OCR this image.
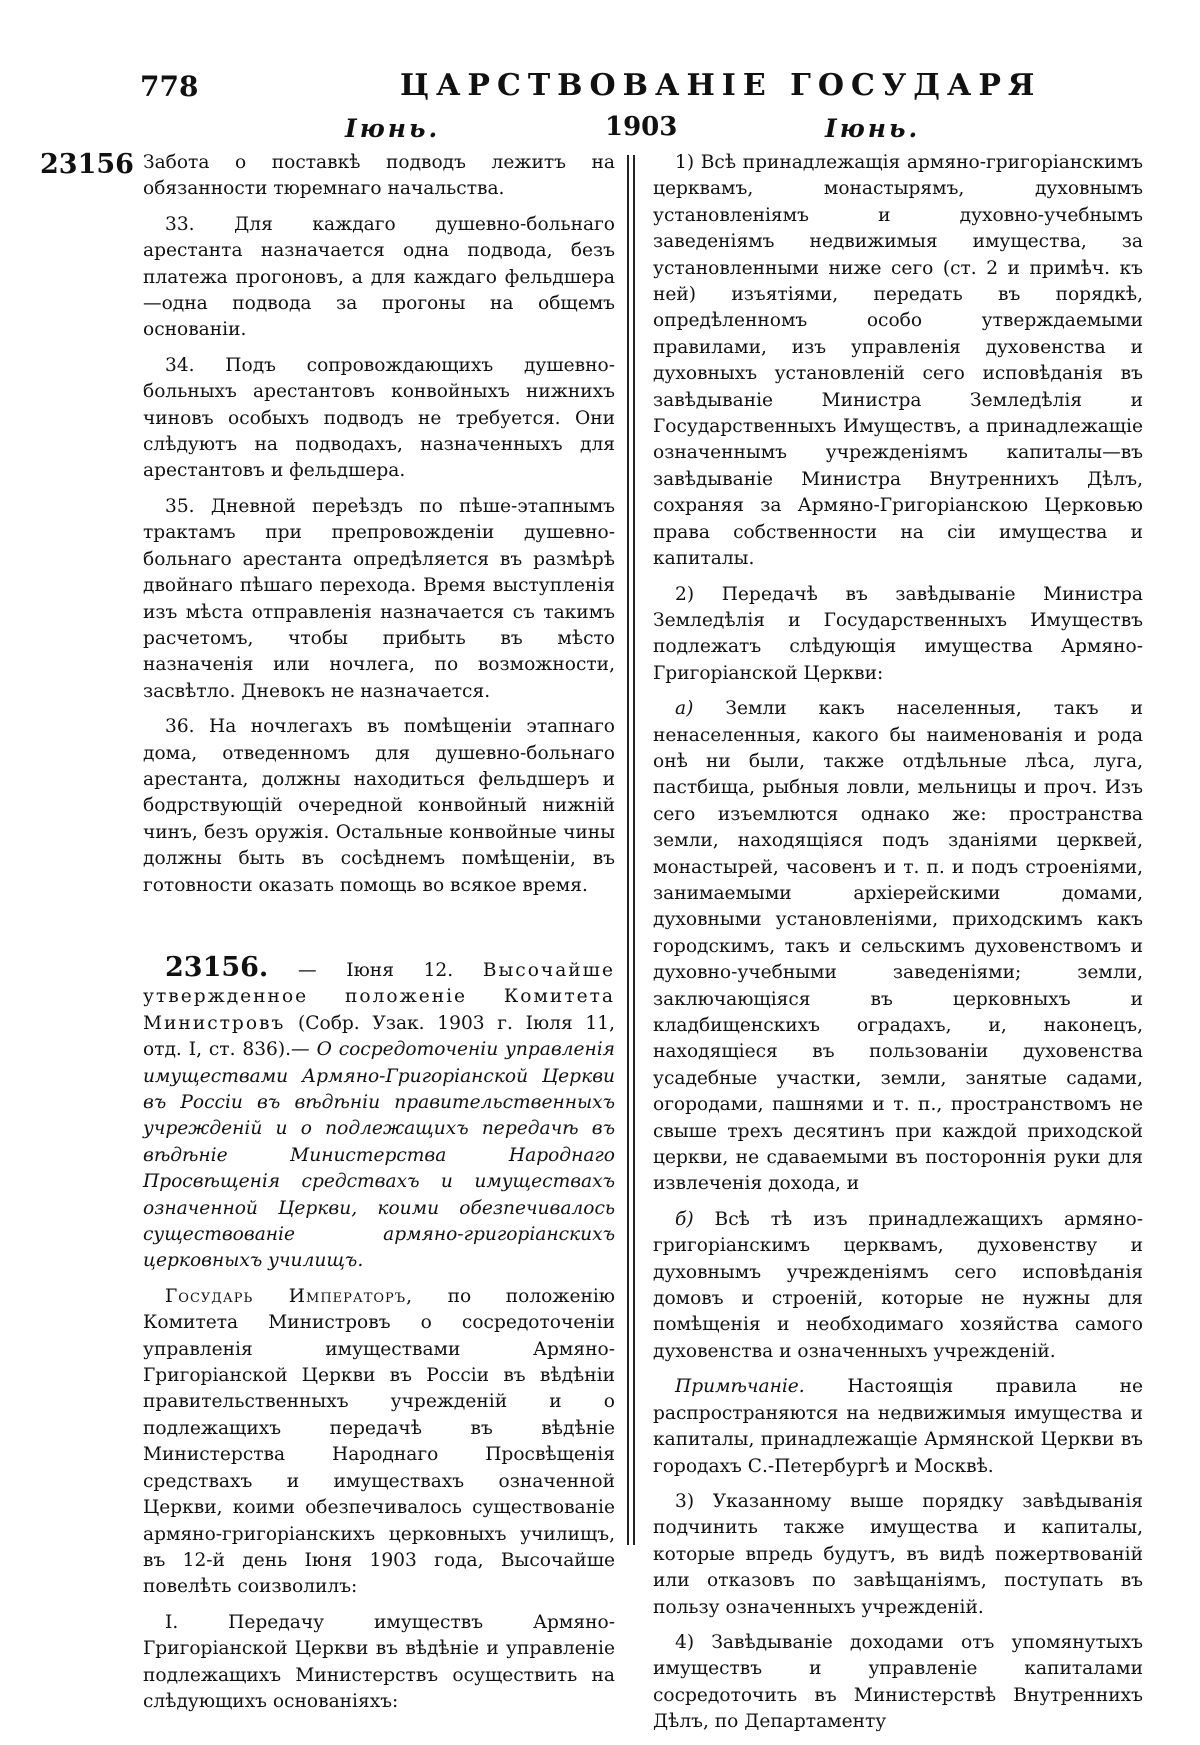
778	ЦАРСТВОВАНІЕ ГОСУДАРЯ
Іюнь.	1903	Іюнь.
23156 Забота о поставкѣ подводъ лежитъ на обязанности тюремнаго начальства.

33. Для каждаго душевно-больнаго арестанта назначается одна подвода, безъ платежа прогоновъ, а для каждаго фельдшера—одна подвода за прогоны на общемъ основаніи.

34. Подъ сопровождающихъ душевно-больныхъ арестантовъ конвойныхъ нижнихъ чиновъ особыхъ подводъ не требуется. Они слѣдуютъ на подводахъ, назначенныхъ для арестантовъ и фельдшера.

35. Дневной переѣздъ по пѣше-этапнымъ трактамъ при препровожденіи душевно-больнаго арестанта опредѣляется въ размѣрѣ двойнаго пѣшаго перехода. Время выступленія изъ мѣста отправленія назначается съ такимъ расчетомъ, чтобы прибыть въ мѣсто назначенія или ночлега, по возможности, засвѣтло. Дневокъ не назначается.

36. На ночлегахъ въ помѣщеніи этапнаго дома, отведенномъ для душевно-больнаго арестанта, должны находиться фельдшеръ и бодрствующій очередной конвойный нижній чинъ, безъ оружія. Остальные конвойные чины должны быть въ сосѣднемъ помѣщеніи, въ готовности оказать помощь во всякое время.

23156. — Іюня 12. Высочайше утвержденное положеніе Комитета Министровъ (Собр. Узак. 1903 г. Іюля 11, отд. I, ст. 836).— О сосредоточеніи управленія имуществами Армяно-Григоріанской Церкви въ Россіи въ вѣдѣніи правительственныхъ учрежденій и о подлежащихъ передачѣ въ вѣдѣніе Министерства Народнаго Просвѣщенія средствахъ и имуществахъ означенной Церкви, коими обезпечивалось существованіе армяно-григоріанскихъ церковныхъ училищъ.

Государь Императоръ, по положенію Комитета Министровъ о сосредоточеніи управленія имуществами Армяно-Григоріанской Церкви въ Россіи въ вѣдѣніи правительственныхъ учрежденій и о подлежащихъ передачѣ въ вѣдѣніе Министерства Народнаго Просвѣщенія средствахъ и имуществахъ означенной Церкви, коими обезпечивалось существованіе армяно-григоріанскихъ церковныхъ училищъ, въ 12-й день Іюня 1903 года, Высочайше повелѣть соизволилъ:

I. Передачу имуществъ Армяно-Григоріанской Церкви въ вѣдѣніе и управленіе подлежащихъ Министерствъ осуществить на слѣдующихъ основаніяхъ:

1) Всѣ принадлежащія армяно-григоріанскимъ церквамъ, монастырямъ, духовнымъ установленіямъ и духовно-учебнымъ заведеніямъ недвижимыя имущества, за установленными ниже сего (ст. 2 и примѣч. къ ней) изъятіями, передать въ порядкѣ, опредѣленномъ особо утверждаемыми правилами, изъ управленія духовенства и духовныхъ установленій сего исповѣданія въ завѣдываніе Министра Земледѣлія и Государственныхъ Имуществъ, а принадлежащіе означеннымъ учрежденіямъ капиталы—въ завѣдываніе Министра Внутреннихъ Дѣлъ, сохраняя за Армяно-Григоріанскою Церковью права собственности на сіи имущества и капиталы.

2) Передачѣ въ завѣдываніе Министра Земледѣлія и Государственныхъ Имуществъ подлежатъ слѣдующія имущества Армяно-Григоріанской Церкви:

а) Земли какъ населенныя, такъ и ненаселенныя, какого бы наименованія и рода онѣ ни были, также отдѣльные лѣса, луга, пастбища, рыбныя ловли, мельницы и проч. Изъ сего изъемлются однако же: пространства земли, находящіяся подъ зданіями церквей, монастырей, часовенъ и т. п. и подъ строеніями, занимаемыми архіерейскими домами, духовными установленіями, приходскимъ какъ городскимъ, такъ и сельскимъ духовенствомъ и духовно-учебными заведеніями; земли, заключающіяся въ церковныхъ и кладбищенскихъ оградахъ, и, наконецъ, находящіеся въ пользованіи духовенства усадебные участки, земли, занятые садами, огородами, пашнями и т. п., пространствомъ не свыше трехъ десятинъ при каждой приходской церкви, не сдаваемыми въ постороннія руки для извлеченія дохода, и

б) Всѣ тѣ изъ принадлежащихъ армяно-григоріанскимъ церквамъ, духовенству и духовнымъ учрежденіямъ сего исповѣданія домовъ и строеній, которые не нужны для помѣщенія и необходимаго хозяйства самого духовенства и означенныхъ учрежденій.

Примѣчаніе. Настоящія правила не распространяются на недвижимыя имущества и капиталы, принадлежащіе Армянской Церкви въ городахъ С.-Петербургѣ и Москвѣ.

3) Указанному выше порядку завѣдыванія подчинить также имущества и капиталы, которые впредь будутъ, въ видѣ пожертвованій или отказовъ по завѣщаніямъ, поступать въ пользу означенныхъ учрежденій.

4) Завѣдываніе доходами отъ упомянутыхъ имуществъ и управленіе капиталами сосредоточить въ Министерствѣ Внутреннихъ Дѣлъ, по Департаменту
